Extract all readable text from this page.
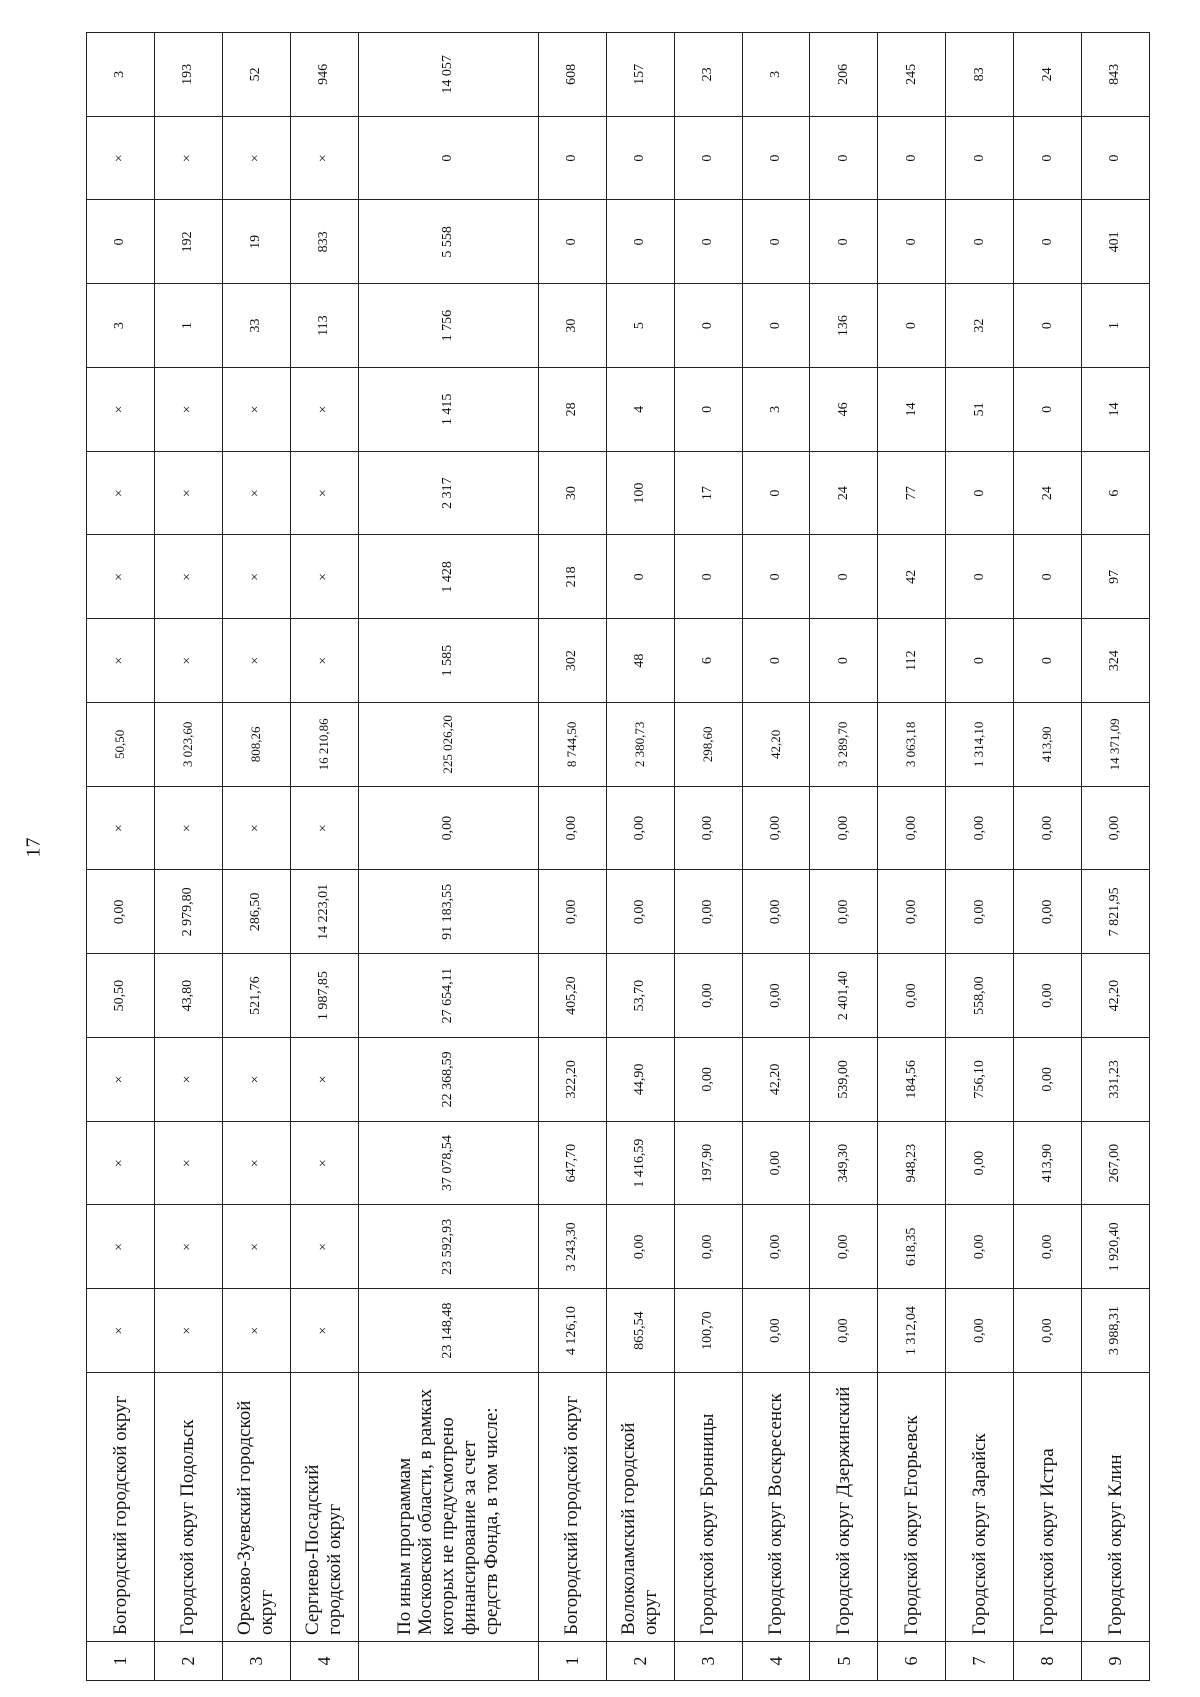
17
1	Богородский городской округ	×	×	×	×	50,50	0,00	×	50,50	×	×	×	×	3	0	×	3
2	Городской округ Подольск	×	×	×	×	43,80	2 979,80	×	3 023,60	×	×	×	×	1	192	×	193
3	Орехово-Зуевский городской округ	×	×	×	×	521,76	286,50	×	808,26	×	×	×	×	33	19	×	52
4	Сергиево-Посадский городской округ	×	×	×	×	1 987,85	14 223,01	×	16 210,86	×	×	×	×	113	833	×	946
	По иным программам Московской области, в рамках которых не предусмотрено финансирование за счет средств Фонда, в том числе:	23 148,48	23 592,93	37 078,54	22 368,59	27 654,11	91 183,55	0,00	225 026,20	1 585	1 428	2 317	1 415	1 756	5 558	0	14 057
1	Богородский городской округ	4 126,10	3 243,30	647,70	322,20	405,20	0,00	0,00	8 744,50	302	218	30	28	30	0	0	608
2	Волоколамский городской округ	865,54	0,00	1 416,59	44,90	53,70	0,00	0,00	2 380,73	48	0	100	4	5	0	0	157
3	Городской округ Бронницы	100,70	0,00	197,90	0,00	0,00	0,00	0,00	298,60	6	0	17	0	0	0	0	23
4	Городской округ Воскресенск	0,00	0,00	0,00	42,20	0,00	0,00	0,00	42,20	0	0	0	3	0	0	0	3
5	Городской округ Дзержинский	0,00	0,00	349,30	539,00	2 401,40	0,00	0,00	3 289,70	0	0	24	46	136	0	0	206
6	Городской округ Егорьевск	1 312,04	618,35	948,23	184,56	0,00	0,00	0,00	3 063,18	112	42	77	14	0	0	0	245
7	Городской округ Зарайск	0,00	0,00	0,00	756,10	558,00	0,00	0,00	1 314,10	0	0	0	51	32	0	0	83
8	Городской округ Истра	0,00	0,00	413,90	0,00	0,00	0,00	0,00	413,90	0	0	24	0	0	0	0	24
9	Городской округ Клин	3 988,31	1 920,40	267,00	331,23	42,20	7 821,95	0,00	14 371,09	324	97	6	14	1	401	0	843
